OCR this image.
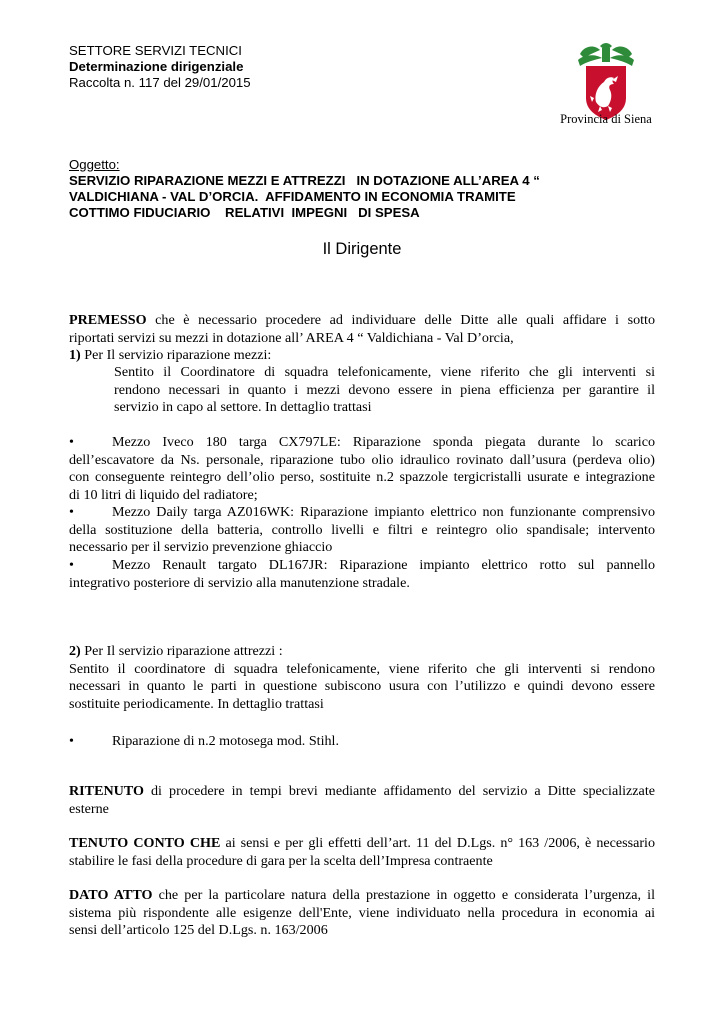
SETTORE SERVIZI TECNICI
Determinazione dirigenziale
Raccolta n. 117 del 29/01/2015
Provincia di Siena
Oggetto:
SERVIZIO RIPARAZIONE MEZZI E ATTREZZI   IN DOTAZIONE ALL’AREA 4 “
VALDICHIANA - VAL D’ORCIA.  AFFIDAMENTO IN ECONOMIA TRAMITE
COTTIMO FIDUCIARIO    RELATIVI  IMPEGNI   DI SPESA
Il Dirigente
PREMESSO che è necessario procedere ad individuare delle Ditte alle quali affidare i sotto
riportati servizi su mezzi in dotazione all’ AREA 4 “ Valdichiana - Val D’orcia,
1) Per Il servizio riparazione mezzi:
Sentito il Coordinatore di squadra telefonicamente, viene riferito che gli interventi si
rendono necessari in quanto i mezzi devono essere in piena efficienza per garantire il
servizio in capo al settore. In dettaglio trattasi
•	Mezzo Iveco 180 targa CX797LE: Riparazione sponda piegata durante lo scarico
dell’escavatore da Ns. personale, riparazione tubo olio idraulico rovinato dall’usura (perdeva olio)
con conseguente reintegro dell’olio perso, sostituite n.2 spazzole tergicristalli usurate e integrazione
di 10 litri di liquido del radiatore;
•	Mezzo Daily targa AZ016WK: Riparazione impianto elettrico non funzionante comprensivo
della sostituzione della batteria, controllo livelli e filtri e reintegro olio spandisale; intervento
necessario per il servizio prevenzione ghiaccio
•	Mezzo Renault targato DL167JR: Riparazione impianto elettrico rotto sul pannello
integrativo posteriore di servizio alla manutenzione stradale.
2) Per Il servizio riparazione attrezzi :
Sentito il coordinatore di squadra telefonicamente, viene riferito che gli interventi si rendono
necessari in quanto le parti in questione subiscono usura con l’utilizzo e quindi devono essere
sostituite periodicamente. In dettaglio trattasi
•	Riparazione di n.2 motosega mod. Stihl.
RITENUTO di procedere in tempi brevi mediante affidamento del servizio a Ditte specializzate
esterne
TENUTO CONTO CHE ai sensi e per gli effetti dell’art. 11 del D.Lgs. n° 163 /2006, è necessario
stabilire le fasi della procedure di gara per la scelta dell’Impresa contraente
DATO ATTO che per la particolare natura della prestazione in oggetto e considerata l’urgenza, il
sistema più rispondente alle esigenze dell'Ente, viene individuato nella procedura in economia ai
sensi dell’articolo 125 del D.Lgs. n. 163/2006
